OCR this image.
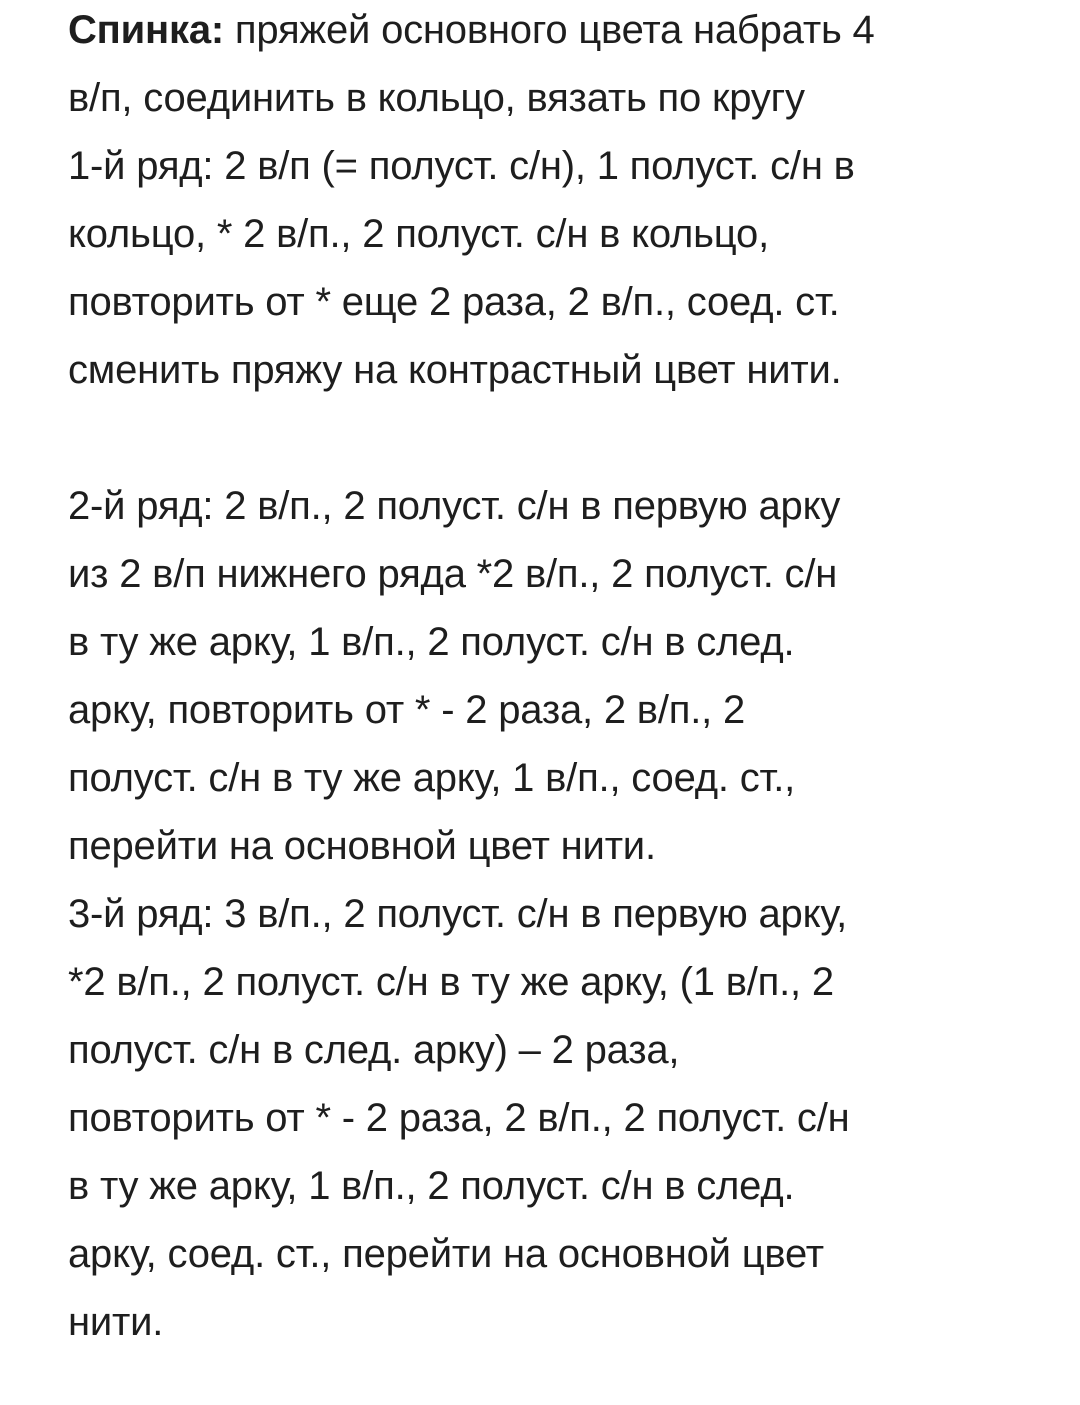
Спинка: пряжей основного цвета набрать 4
в/п, соединить в кольцо, вязать по кругу
1-й ряд: 2 в/п (= полуст. с/н), 1 полуст. с/н в
кольцо, * 2 в/п., 2 полуст. с/н в кольцо,
повторить от * еще 2 раза, 2 в/п., соед. ст.
сменить пряжу на контрастный цвет нити.
2-й ряд: 2 в/п., 2 полуст. с/н в первую арку
из 2 в/п нижнего ряда *2 в/п., 2 полуст. с/н
в ту же арку, 1 в/п., 2 полуст. с/н в след.
арку, повторить от * - 2 раза, 2 в/п., 2
полуст. с/н в ту же арку, 1 в/п., соед. ст.,
перейти на основной цвет нити.
3-й ряд: 3 в/п., 2 полуст. с/н в первую арку,
*2 в/п., 2 полуст. с/н в ту же арку, (1 в/п., 2
полуст. с/н в след. арку) – 2 раза,
повторить от * - 2 раза, 2 в/п., 2 полуст. с/н
в ту же арку, 1 в/п., 2 полуст. с/н в след.
арку, соед. ст., перейти на основной цвет
нити.
